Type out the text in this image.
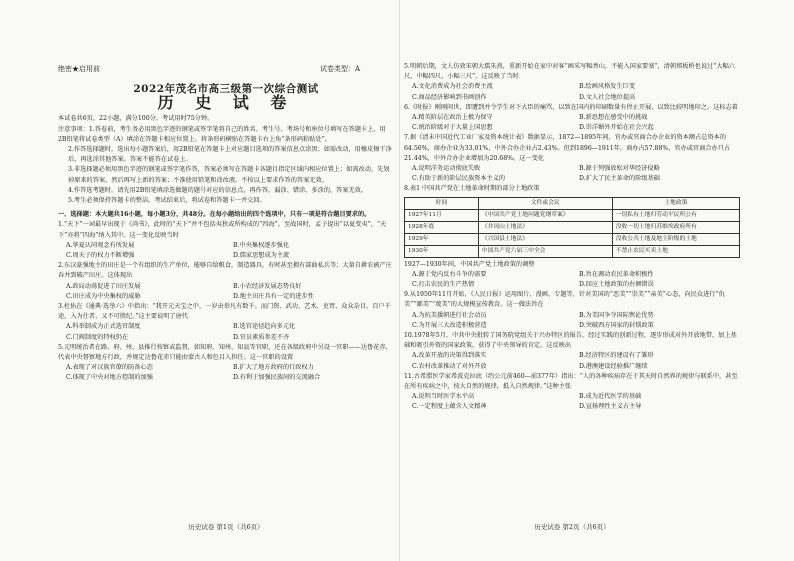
绝密★启用前	试卷类型：A
2022年茂名市高三级第一次综合测试
历 史 试 卷

本试卷共6页，22小题，满分100分。考试用时75分钟。

注意事项：1.答卷前，考生务必用黑色字迹的钢笔或签字笔将自己的姓名、考生号、考场号和座位号填写在答题卡上，用2B铅笔将试卷类型（A）填涂在答题卡相应位置上。将条形码横贴在答题卡右上角“条形码粘贴处”。

2.作答选择题时，选出每小题答案后，用2B铅笔在答题卡上对应题目选项的答案信息点涂黑；如需改动，用橡皮擦干净后，再选涂其他答案。答案不能答在试卷上。

3.非选择题必须用黑色字迹的钢笔或签字笔作答，答案必须写在答题卡各题目指定区域内相应位置上；如需改动，先划掉原来的答案，然后再写上新的答案；不准使用铅笔和涂改液。不按以上要求作答的答案无效。

4.作答选考题时，请先用2B铅笔填涂选做题的题号对应的信息点，再作答。漏涂、错涂、多涂的，答案无效。

5.考生必须保持答题卡的整洁。考试结束后，将试卷和答题卡一并交回。

一、选择题：本大题共16小题，每小题3分，共48分。在每小题给出的四个选项中，只有一项是符合题目要求的。

1.“天下”一词最早出现于《尚书》，此时的“天下”并不包括夷狄或所构成的“四海”。至战国时，孟子提出“以夏变夷”，“天下”亦将“四海”纳入其中。这一变化反映当时

A.华夏认同观念有所发展	B.中央集权逐步强化
C.周天子的权力不断增强	D.儒家思想成为主流

2.东汉豪强地主的田庄是一个有组织的生产单位，能够自给粮食，制造器具，有时甚至拥有部曲私兵等；大量自耕农被产庄吞并到破产田庄。这体现出

A.政局动荡促进了田庄发展	B.小农经济发展态势良好
C.田庄成为中央集权的威胁	D.地主田庄具有一定的进步性

3.杜佑在《通典·选举六》中指出：“我开元天宝之中，一岁贡举凡有数千。而门资、武功、艺术、吏胥、众众杂目，百户千途，入为仕者，又不可胜纪。”这主要说明了唐代

A.科举制成为正式选官制度	B.选官途径趋向多元化
C.门阀制度的特权仍在	D.官员素质参差不齐

5.元明统治者在路、府、州、县推行按察或监督，如知府、知州、知县等官职，还在各级政府中另设一官职——达鲁花赤，代表中央督察地方行政，并规定达鲁花赤只能由蒙古人和色目人担任。这一官职的设置

A.表现了对汉族官僚的防备心态	B.扩大了地方政府的行政权力
C.体现了中央对地方控制的加强	D.有利于加强民族间的交流融合
历史试卷 第1页（共6页）

5.明朝后期，文人仿效宋朝大儒朱熹，重新开始在家中对客“画采写幅香山，不能入国家要塞”，清朝郑板桥也说过“大幅六尺，中幅四尺，小幅三尺”。这反映了当时

A.文化消费成为社会消费主流	B.绘画风格发生巨变
C.商品经济影响到书画创作	D.文人社会地位提高

6.《时报》刚刚问世，即遭到并令学生对下大臣的痛骂，以致在国内的印刷数量有停止开展，以致比较明地印之。这标志着

A.精英阶层在政治上极为保守	B.新思想在感受中的挑战
C.统治阶级对于大量上国思想	D.崇洋媚外开始在社会兴起

7.据《清末中国近代工业厂家及资本统计表》数据显示，1872—1895年间，官办或官商合办企业的资本额占总资本的64.56%，商办企业为33.01%，中外合办企业占2.43%。但到1896—1911年，商办占57.88%，官办或官商合办只占21.44%，中外合办企业增加为20.68%。这一变化

A.说明洋务运动彻底失败	B.源于列强放松对华经济侵略
C.有助于新的阶层民族资本主义的	D.扩大了民主革命的阶级基础

8.表1 中国共产党在土地革命时期的部分土地政策

时间	文件或会议	土地政策
1927年11月	《中国共产党土地问题党纲草案》	一切私有土地归劳动平民所公有
1928年底	《井冈山土地法》	没收一切土地归苏维埃政府所有
1929年	《兴国县土地法》	没收公共土地及地主阶级的土地
1930年	中国共产党六届三中全会	不禁止农民买卖土地

1927—1930年间，中国共产党土地政策的调整

A.源于党内反右斗争的需要	B.旨在调动农民革命积极性
C.打击农民的生产热情	D.回应土地政策的右倾错误

9.从1950年11月开始，《人民日报》运用图片、漫画、专题等，针对美国的“恶美”“崇美”“亲美”心态，向民众进行“仇美”“鄙美”“蔑美”的大规模宣传教育。这一做法旨在

A.为抗美援朝进行社会动员	B.为美国争夺国际舆论优势
C.为开展三大改造积极营造	D.突破西方国家的封锁政策

10.1978年5月，中共中央批转了国务院党组关于兴办特区的报告，经过实践的创新过程，逐步形成对外开放地带，加上基础和吸引外资的国家政策，获得了中央领导的肯定。这反映出

A.改革开放的决策得到落实	B.经济特区的建设有了雏形
C.农村改革推动了对外开放	D.港澳建设经验推广继续

11.古希腊医学家希波克拉底（约公元前460—前377年）指出：“人的各种疾病存在于其天时自然界的规律与联系中，甚至在所有疾病之中，按大自然的规律，抵入自然规律。”这种主张

A.说明当时医学水平高	B.成为近代医学的基础
C.一定程度上蕴含人文精神	D.宣扬理性主义占主导
历史试卷 第2页（共6页）
